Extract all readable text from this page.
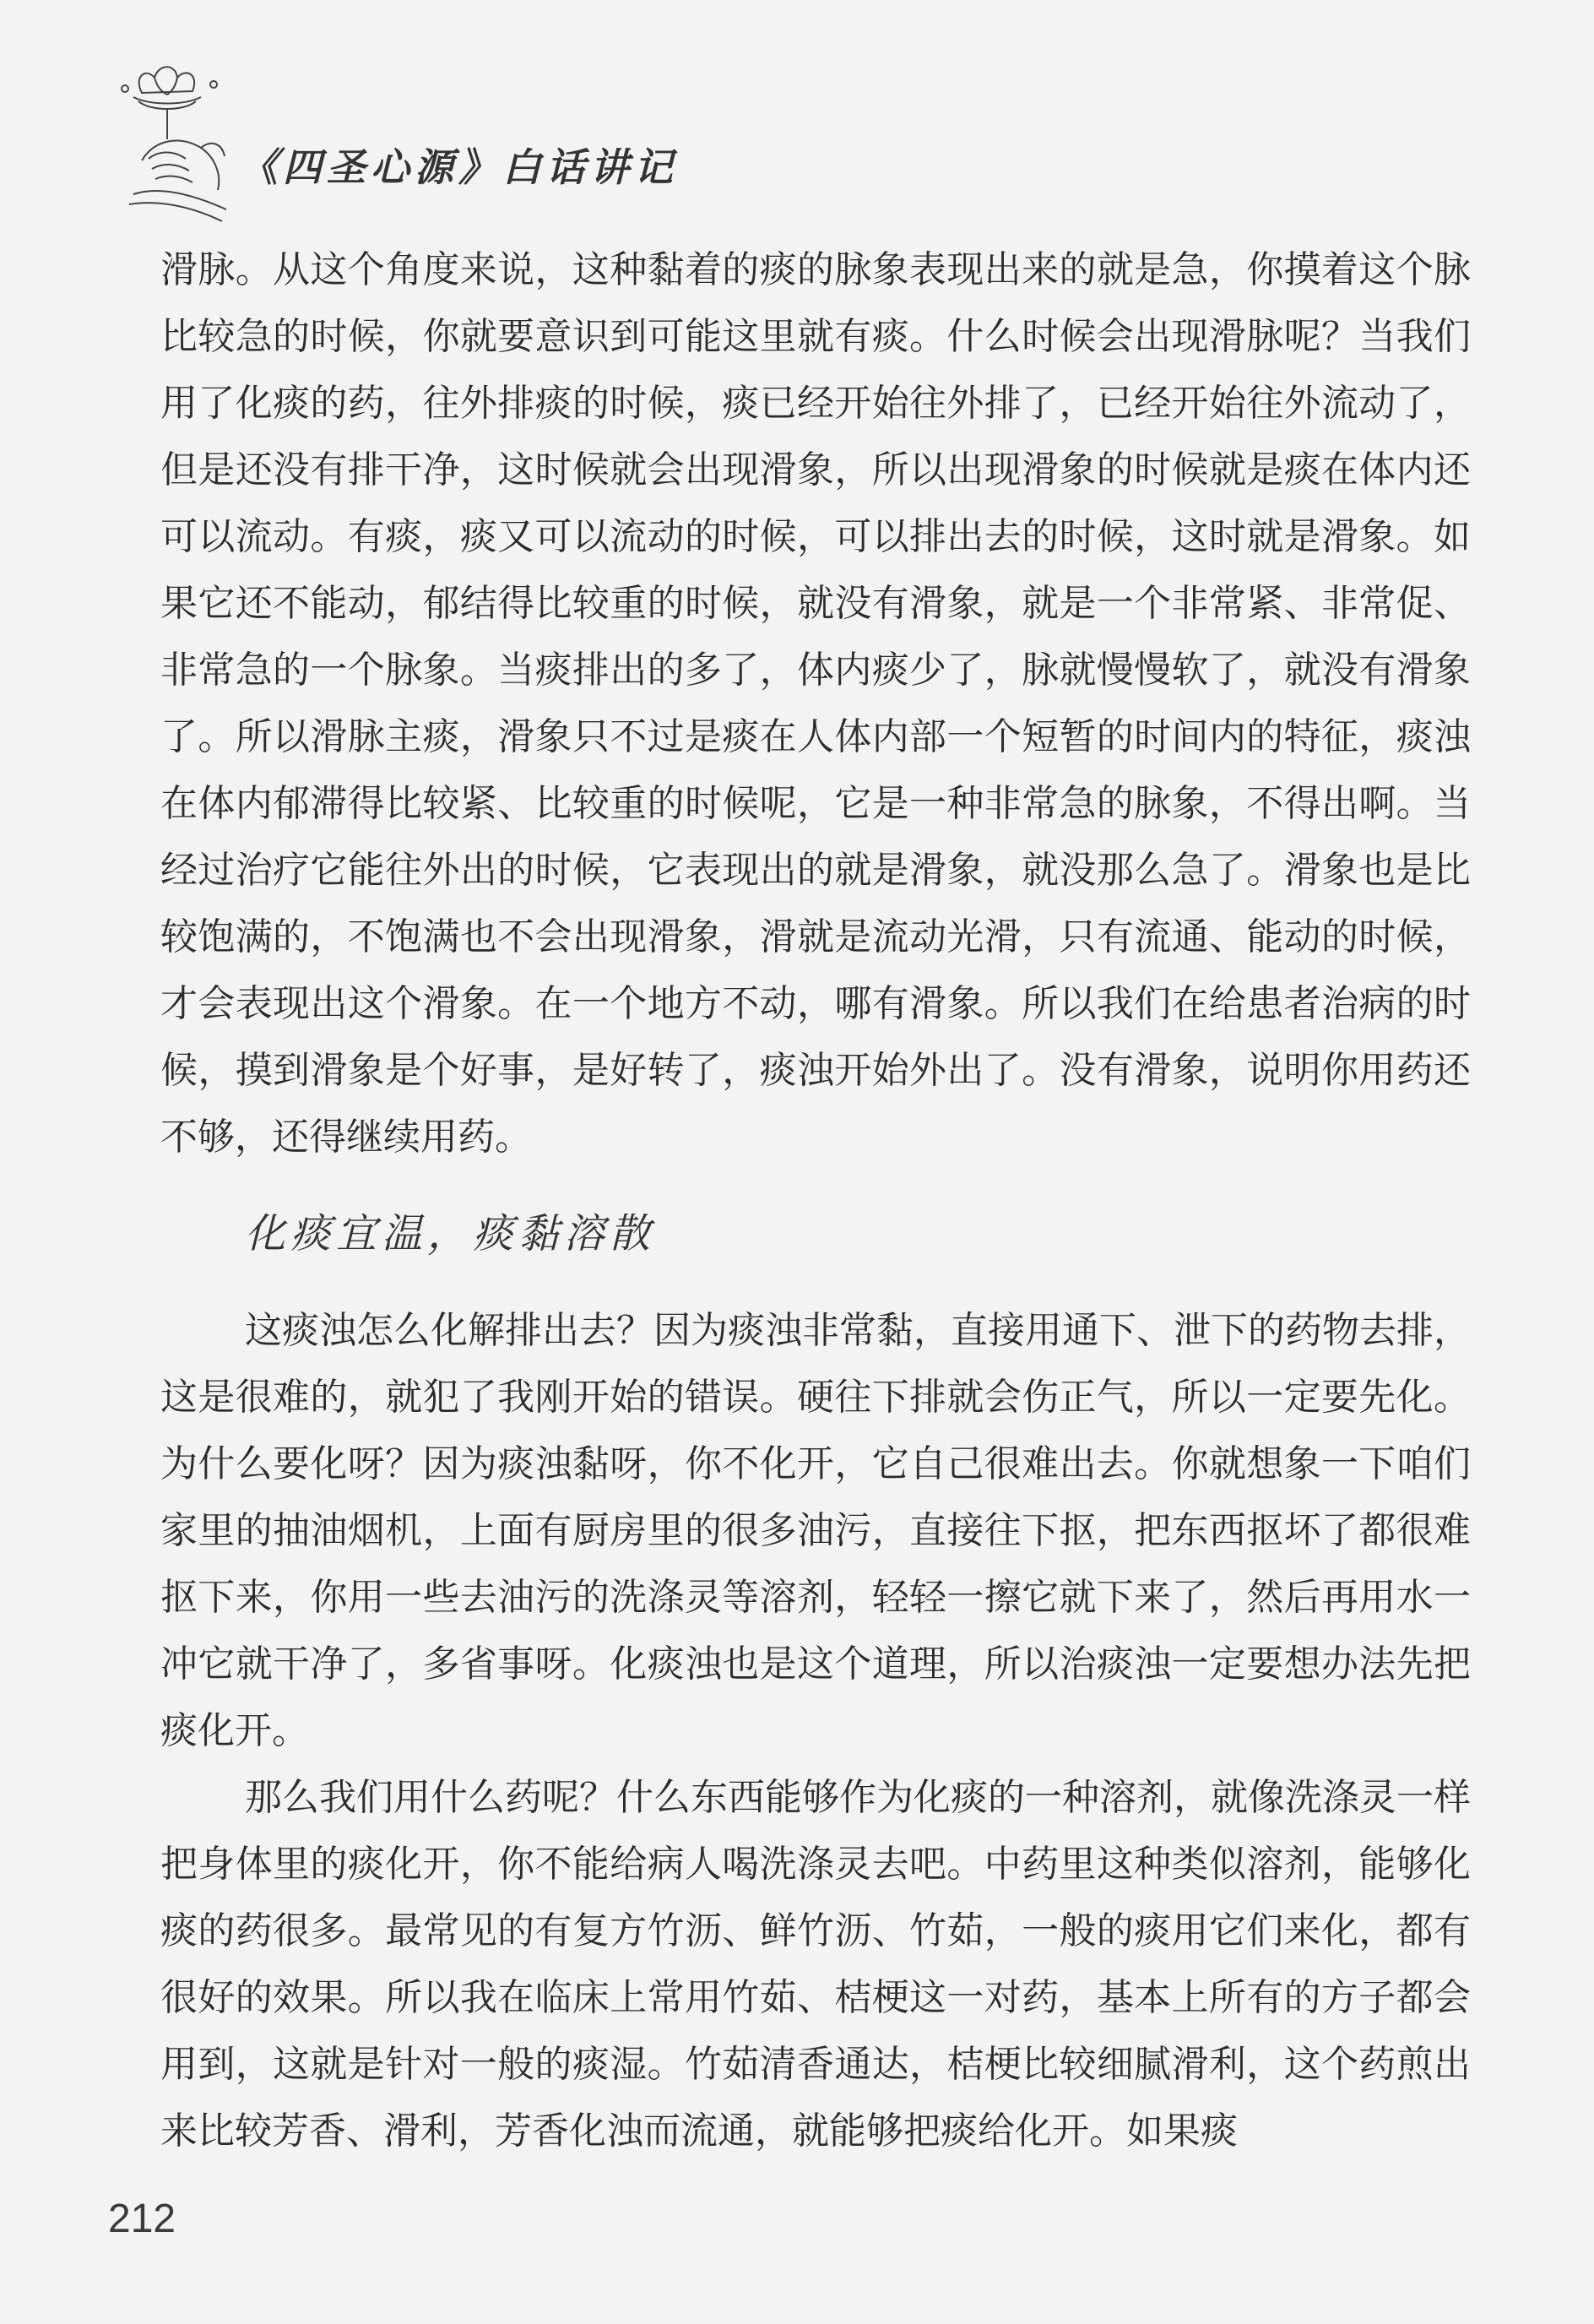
《四圣心源》白话讲记

滑脉。从这个角度来说，这种黏着的痰的脉象表现出来的就是急，你摸着这个脉比较急的时候，你就要意识到可能这里就有痰。什么时候会出现滑脉呢？当我们用了化痰的药，往外排痰的时候，痰已经开始往外排了，已经开始往外流动了，但是还没有排干净，这时候就会出现滑象，所以出现滑象的时候就是痰在体内还可以流动。有痰，痰又可以流动的时候，可以排出去的时候，这时就是滑象。如果它还不能动，郁结得比较重的时候，就没有滑象，就是一个非常紧、非常促、非常急的一个脉象。当痰排出的多了，体内痰少了，脉就慢慢软了，就没有滑象了。所以滑脉主痰，滑象只不过是痰在人体内部一个短暂的时间内的特征，痰浊在体内郁滞得比较紧、比较重的时候呢，它是一种非常急的脉象，不得出啊。当经过治疗它能往外出的时候，它表现出的就是滑象，就没那么急了。滑象也是比较饱满的，不饱满也不会出现滑象，滑就是流动光滑，只有流通、能动的时候，才会表现出这个滑象。在一个地方不动，哪有滑象。所以我们在给患者治病的时候，摸到滑象是个好事，是好转了，痰浊开始外出了。没有滑象，说明你用药还不够，还得继续用药。

化痰宜温，痰黏溶散

这痰浊怎么化解排出去？因为痰浊非常黏，直接用通下、泄下的药物去排，这是很难的，就犯了我刚开始的错误。硬往下排就会伤正气，所以一定要先化。为什么要化呀？因为痰浊黏呀，你不化开，它自己很难出去。你就想象一下咱们家里的抽油烟机，上面有厨房里的很多油污，直接往下抠，把东西抠坏了都很难抠下来，你用一些去油污的洗涤灵等溶剂，轻轻一擦它就下来了，然后再用水一冲它就干净了，多省事呀。化痰浊也是这个道理，所以治痰浊一定要想办法先把痰化开。

那么我们用什么药呢？什么东西能够作为化痰的一种溶剂，就像洗涤灵一样把身体里的痰化开，你不能给病人喝洗涤灵去吧。中药里这种类似溶剂，能够化痰的药很多。最常见的有复方竹沥、鲜竹沥、竹茹，一般的痰用它们来化，都有很好的效果。所以我在临床上常用竹茹、桔梗这一对药，基本上所有的方子都会用到，这就是针对一般的痰湿。竹茹清香通达，桔梗比较细腻滑利，这个药煎出来比较芳香、滑利，芳香化浊而流通，就能够把痰给化开。如果痰

212
